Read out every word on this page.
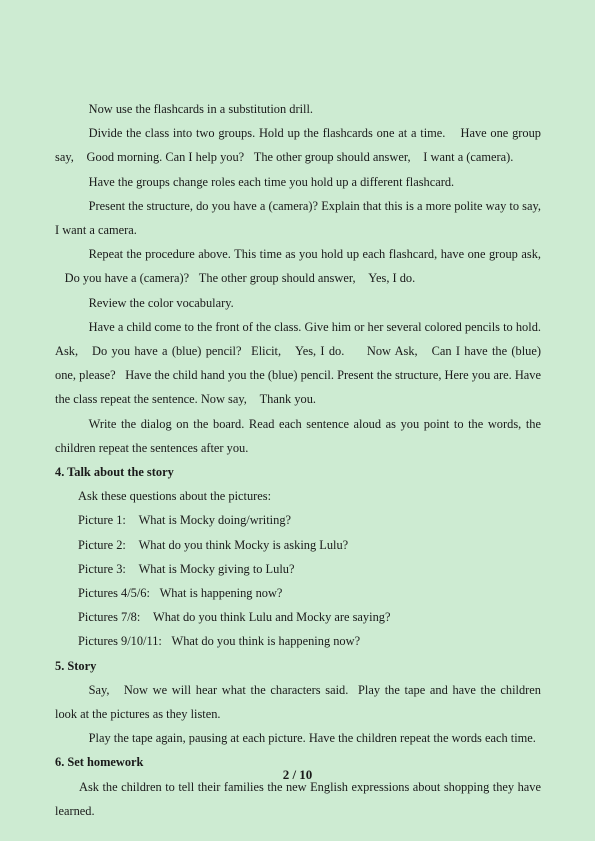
Now use the flashcards in a substitution drill.

Divide the class into two groups. Hold up the flashcards one at a time.    Have one group say, Good morning. Can I help you? The other group should answer, I want a (camera).

Have the groups change roles each time you hold up a different flashcard.

Present the structure, do you have a (camera)? Explain that this is a more polite way to say, I want a camera.

Repeat the procedure above. This time as you hold up each flashcard, have one group ask, Do you have a (camera)? The other group should answer, Yes, I do.

Review the color vocabulary.

Have a child come to the front of the class. Give him or her several colored pencils to hold. Ask, Do you have a (blue) pencil? Elicit, Yes, I do.    Now Ask, Can I have the (blue) one, please? Have the child hand you the (blue) pencil. Present the structure, Here you are. Have the class repeat the sentence. Now say, Thank you.

Write the dialog on the board. Read each sentence aloud as you point to the words, the children repeat the sentences after you.

4. Talk about the story

Ask these questions about the pictures:

Picture 1: What is Mocky doing/writing?

Picture 2: What do you think Mocky is asking Lulu?

Picture 3: What is Mocky giving to Lulu?

Pictures 4/5/6: What is happening now?

Pictures 7/8: What do you think Lulu and Mocky are saying?

Pictures 9/10/11: What do you think is happening now?

5. Story

Say, Now we will hear what the characters said. Play the tape and have the children look at the pictures as they listen.

Play the tape again, pausing at each picture. Have the children repeat the words each time.

6. Set homework

Ask the children to tell their families the new English expressions about shopping they have learned.

2 / 10
